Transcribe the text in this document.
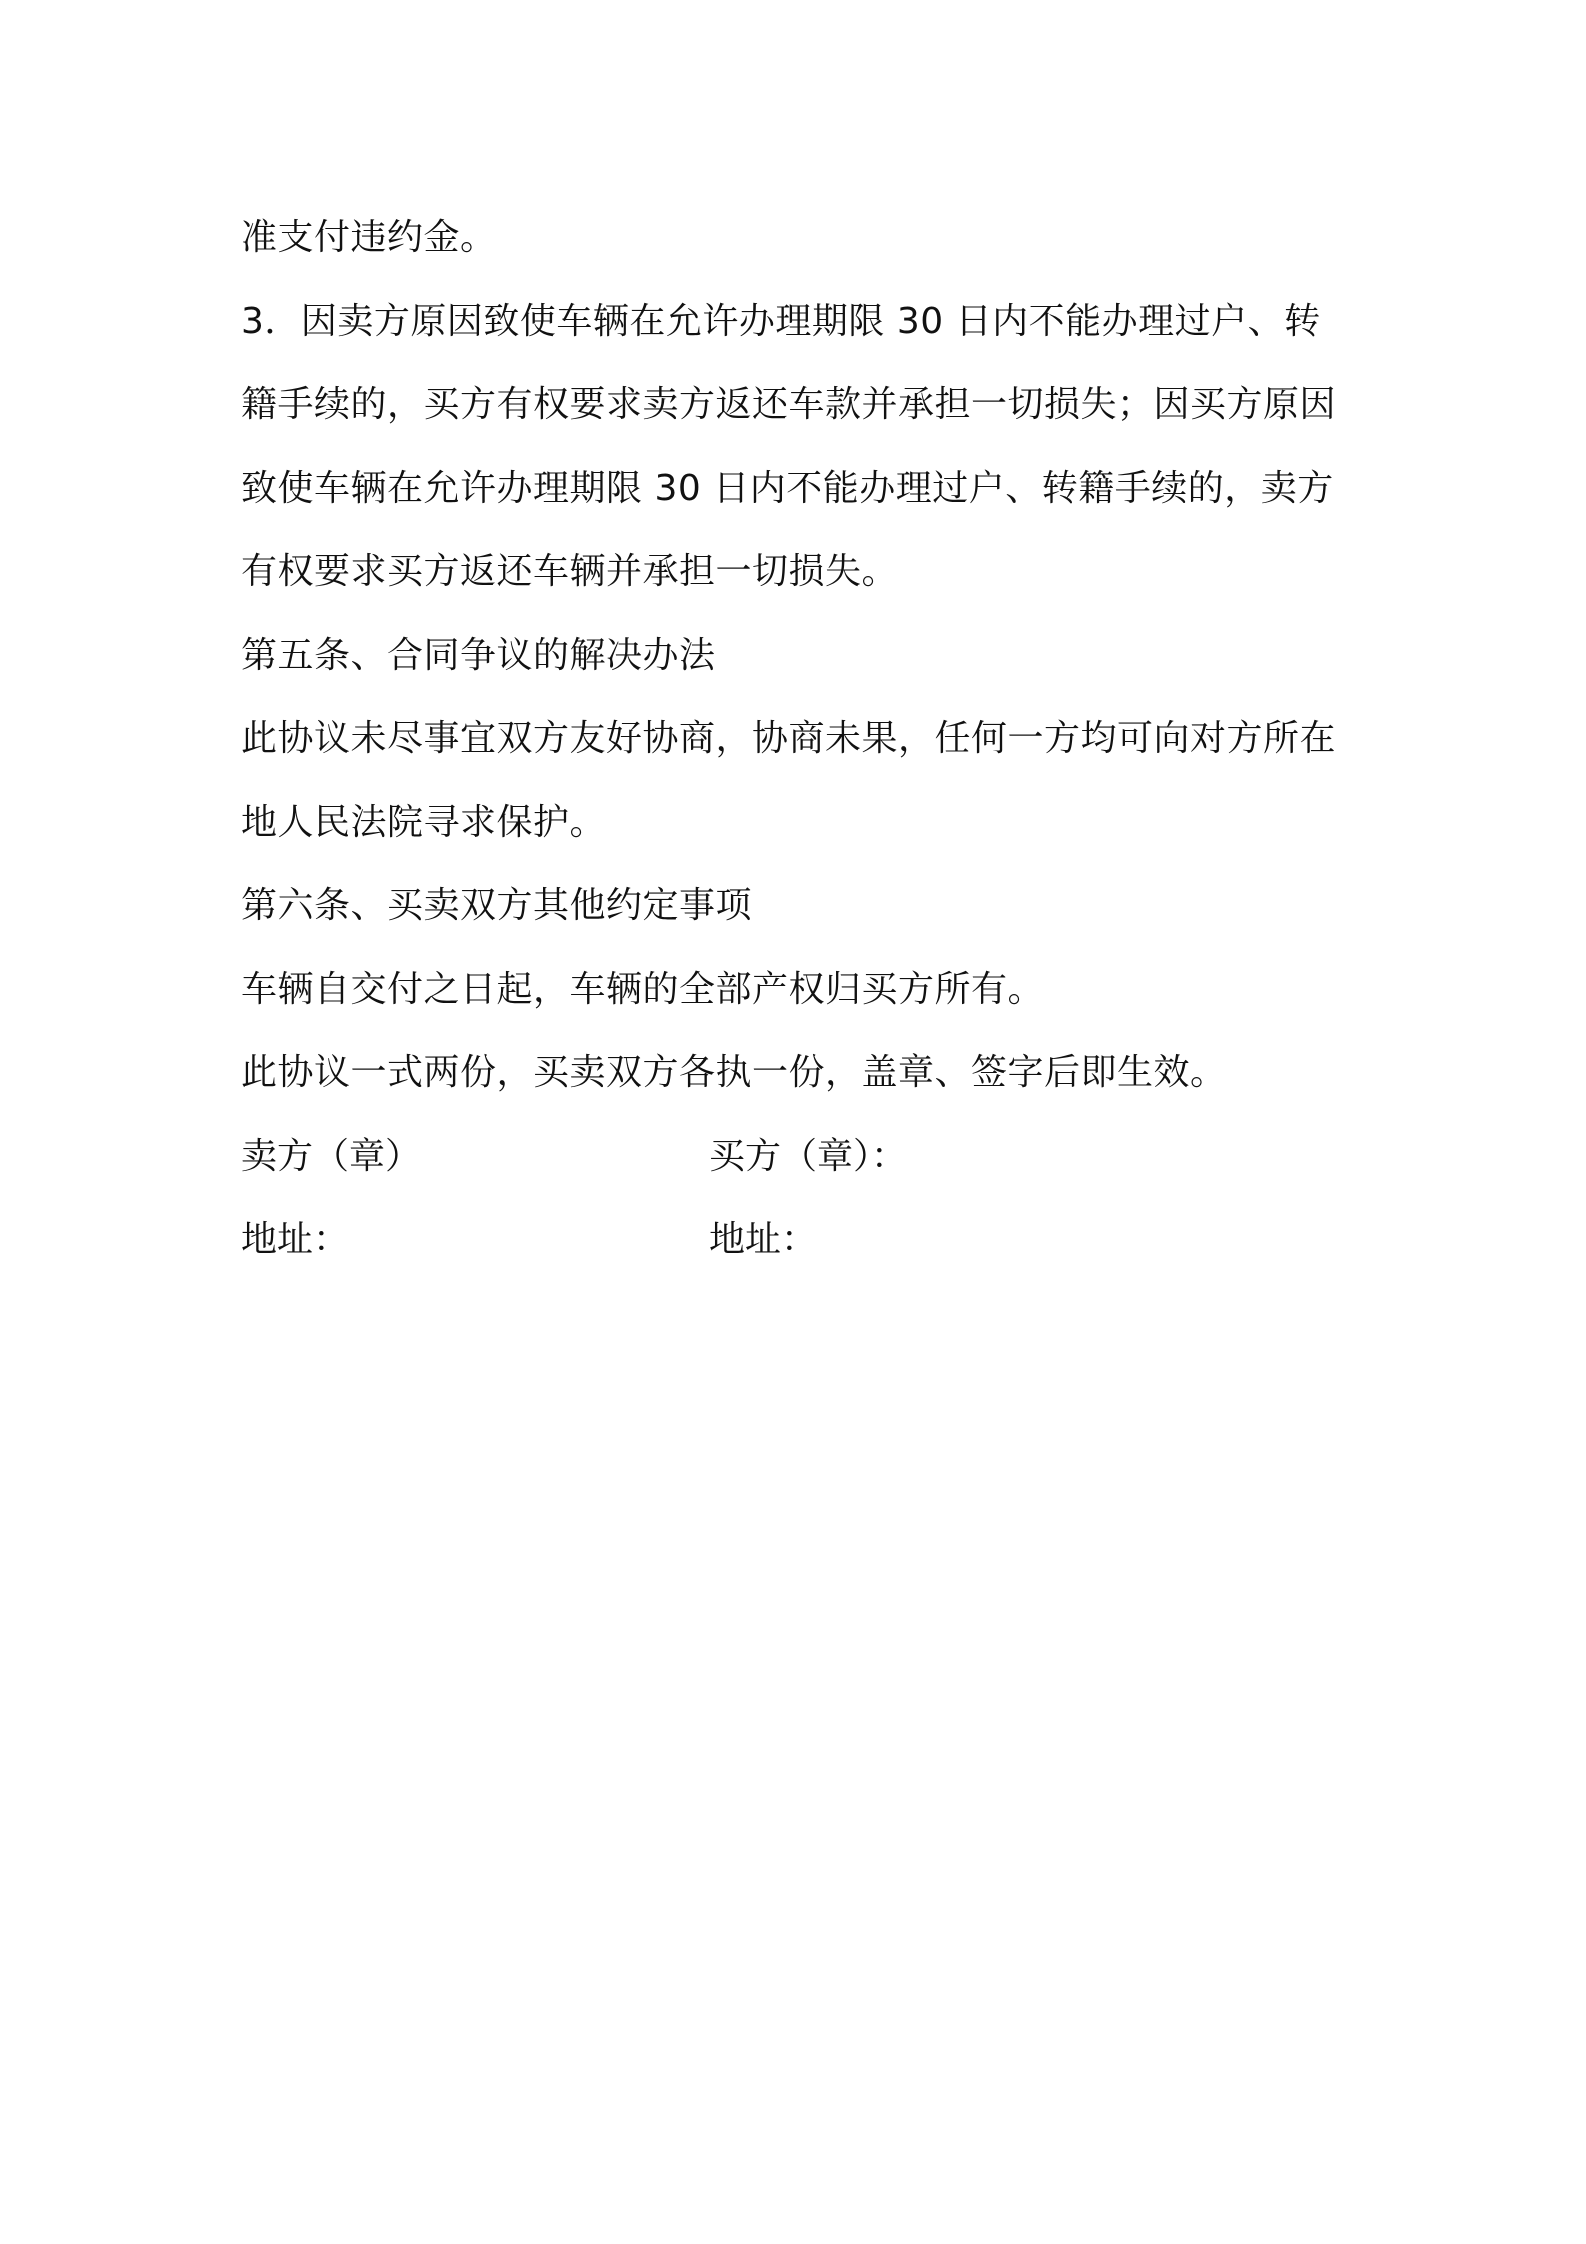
准支付违约金。
3．因卖方原因致使车辆在允许办理期限 30 日内不能办理过户、转
籍手续的，买方有权要求卖方返还车款并承担一切损失；因买方原因
致使车辆在允许办理期限 30 日内不能办理过户、转籍手续的，卖方
有权要求买方返还车辆并承担一切损失。
第五条、合同争议的解决办法
此协议未尽事宜双方友好协商，协商未果，任何一方均可向对方所在
地人民法院寻求保护。
第六条、买卖双方其他约定事项
车辆自交付之日起，车辆的全部产权归买方所有。
此协议一式两份，买卖双方各执一份，盖章、签字后即生效。
卖方（章）	买方（章）：
地址：	地址：
